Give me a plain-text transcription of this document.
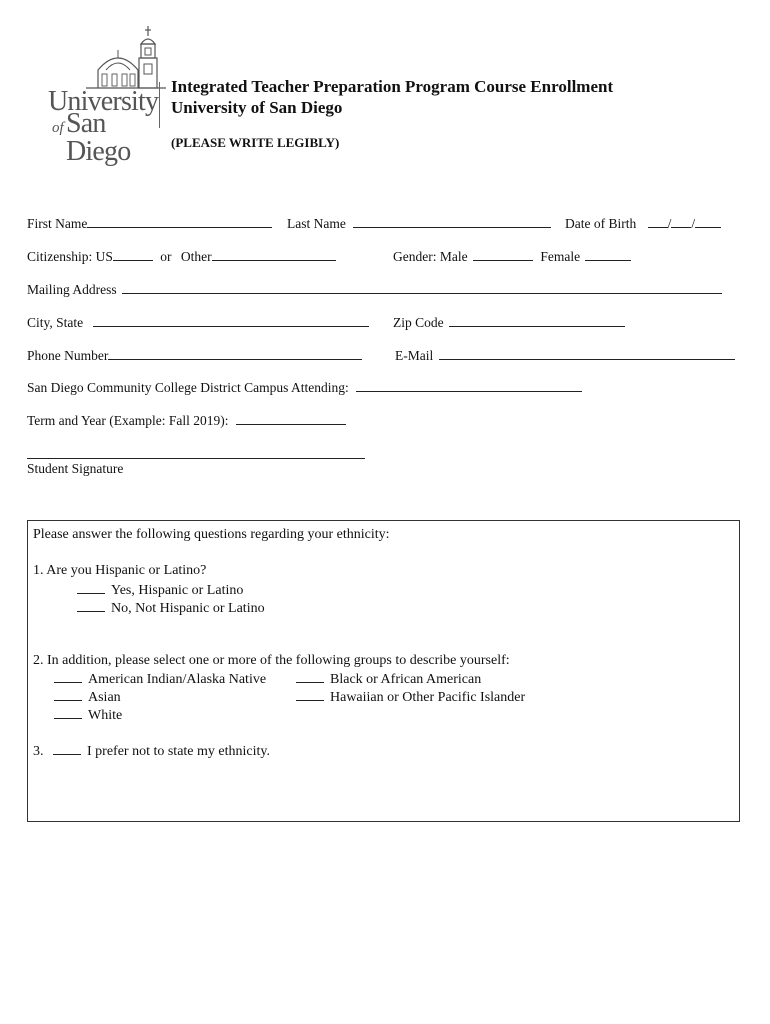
University
of San Diego
Integrated Teacher Preparation Program Course Enrollment
University of San Diego
(PLEASE WRITE LEGIBLY)
First Name	Last Name	Date of Birth / /
Citizenship: US	or Other	Gender: Male	Female
Mailing Address
City, State	Zip Code
Phone Number	E-Mail
San Diego Community College District Campus Attending:
Term and Year (Example: Fall 2019):
Student Signature
Please answer the following questions regarding your ethnicity:
1. Are you Hispanic or Latino?
Yes, Hispanic or Latino
No, Not Hispanic or Latino
2. In addition, please select one or more of the following groups to describe yourself:
American Indian/Alaska Native	Black or African American
Asian	Hawaiian or Other Pacific Islander
White
3.	I prefer not to state my ethnicity.
